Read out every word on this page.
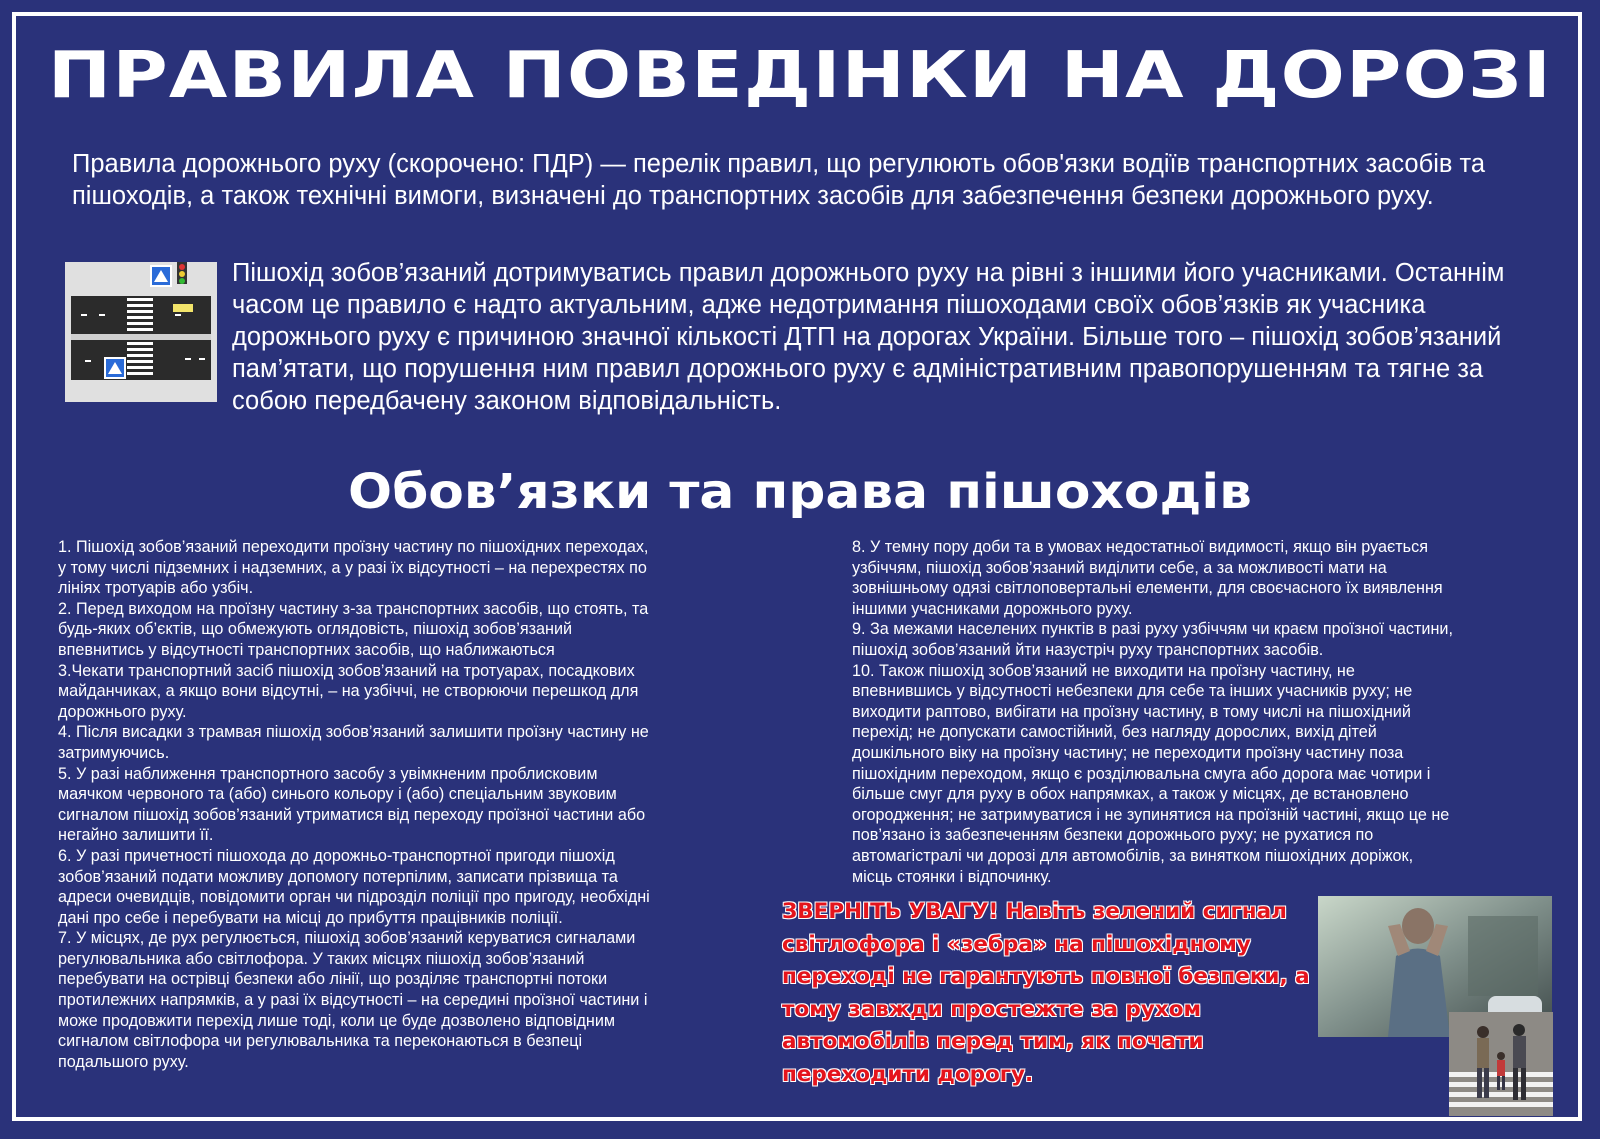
ПРАВИЛА ПОВЕДІНКИ НА ДОРОЗІ
Правила дорожнього руху (скорочено: ПДР) — перелік правил, що регулюють обов'язки водіїв транспортних засобів та пішоходів, а також технічні вимоги, визначені до транспортних засобів для забезпечення безпеки дорожнього руху.
Пішохід зобов’язаний дотримуватись правил дорожнього руху на рівні з іншими його учасниками. Останнім часом це правило є надто актуальним, адже недотримання пішоходами своїх обов’язків як учасника дорожнього руху є причиною значної кількості ДТП на дорогах України. Більше того – пішохід зобов’язаний пам’ятати, що порушення ним правил дорожнього руху є адміністративним правопорушенням та тягне за собою передбачену законом відповідальність.
Обов’язки та права пішоходів
1. Пішохід зобов’язаний переходити проїзну частину по пішохідних переходах,
у тому числі підземних і надземних, а у разі їх відсутності – на перехрестях по
лініях тротуарів або узбіч.
2. Перед виходом на проїзну частину з-за транспортних засобів, що стоять, та
будь-яких об’єктів, що обмежують оглядовість, пішохід зобов’язаний
впевнитись у відсутності транспортних засобів, що наближаються
3.Чекати транспортний засіб пішохід зобов’язаний на тротуарах, посадкових
майданчиках, а якщо вони відсутні, – на узбіччі, не створюючи перешкод для
дорожнього руху.
4. Після висадки з трамвая пішохід зобов’язаний залишити проїзну частину не
затримуючись.
5. У разі наближення транспортного засобу з увімкненим проблисковим
маячком червоного та (або) синього кольору і (або) спеціальним звуковим
сигналом пішохід зобов’язаний утриматися від переходу проїзної частини або
негайно залишити її.
6. У разі причетності пішохода до дорожньо-транспортної пригоди пішохід
зобов’язаний подати можливу допомогу потерпілим, записати прізвища та
адреси очевидців, повідомити орган чи підрозділ поліції про пригоду, необхідні
дані про себе і перебувати на місці до прибуття працівників поліції.
7. У місцях, де рух регулюється, пішохід зобов’язаний керуватися сигналами
регулювальника або світлофора. У таких місцях пішохід зобов’язаний
перебувати на острівці безпеки або лінії, що розділяє транспортні потоки
протилежних напрямків, а у разі їх відсутності – на середині проїзної частини і
може продовжити перехід лише тоді, коли це буде дозволено відповідним
сигналом світлофора чи регулювальника та переконаються в безпеці
подальшого руху.
8. У темну пору доби та в умовах недостатньої видимості, якщо він руається
узбіччям, пішохід зобов’язаний виділити себе, а за можливості мати на
зовнішньому одязі світлоповертальні елементи, для своєчасного їх виявлення
іншими учасниками дорожнього руху.
9. За межами населених пунктів в разі руху узбіччям чи краєм проїзної частини,
пішохід зобов’язаний йти назустріч руху транспортних засобів.
10. Також пішохід зобов’язаний не виходити на проїзну частину, не
впевнившись у відсутності небезпеки для себе та інших учасників руху; не
виходити раптово, вибігати на проїзну частину, в тому числі на пішохідний
перехід; не допускати самостійний, без нагляду дорослих, вихід дітей
дошкільного віку на проїзну частину; не переходити проїзну частину поза
пішохідним переходом, якщо є розділювальна смуга або дорога має чотири і
більше смуг для руху в обох напрямках, а також у місцях, де встановлено
огородження; не затримуватися і не зупинятися на проїзній частині, якщо це не
пов’язано із забезпеченням безпеки дорожнього руху; не рухатися по
автомагістралі чи дорозі для автомобілів, за винятком пішохідних доріжок,
місць стоянки і відпочинку.
ЗВЕРНІТЬ УВАГУ! Навіть зелений сигнал світлофора і «зебра» на пішохідному переході не гарантують повної безпеки, а тому завжди простежте за рухом автомобілів перед тим, як почати переходити дорогу.
